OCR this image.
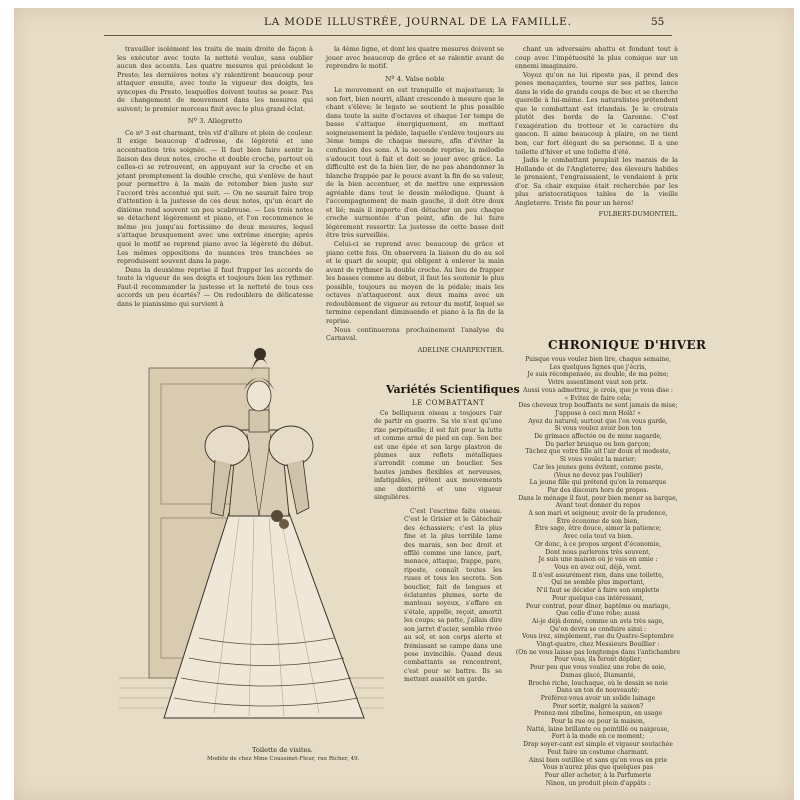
LA MODE ILLUSTRÉE, JOURNAL DE LA FAMILLE.	55

travailler isolément les traits de main droite de façon à les exécuter avec toute la netteté voulue, sans oublier aucun des accents. Les quatre mesures qui précèdent le Presto; les dernières notes s'y ralentiront beaucoup pour attaquer ensuite, avec toute la vigueur des doigts, les syncopes du Presto, lesquelles doivent toutes se poser. Pas de changement de mouvement dans les mesures qui suivent; le premier morceau finit avec le plus grand éclat.

Nº 3. Allegretto

Ce nº 3 est charmant, très vif d'allure et plein de couleur. Il exige beaucoup d'adresse, de légèreté et une accentuation très soignée. — Il faut bien faire sentir la liaison des deux notes, croche et double croche, partout où celles-ci se retrouvent, en appuyant sur la croche et en jetant promptement la double croche, qui s'enlève de haut pour permettre à la main de retomber bien juste sur l'accord très accentué qui suit. — On ne saurait faire trop d'attention à la justesse de ces deux notes, qu'un écart de dixième rend souvent un peu scabreuse. — Les trois notes se détachent légèrement et piano, et l'on recommence le même jeu jusqu'au fortissimo de deux mesures, lequel s'attaque brusquement avec une extrême énergie; après quoi le motif se reprend piano avec la légèreté du début. Les mêmes oppositions de nuances très tranchées se reproduisent souvent dans la page.

Dans la deuxième reprise il faut frapper les accords de toute la vigueur de ses doigts et toujours bien les rythmer. Faut-il recommander la justesse et la netteté de tous ces accords un peu écartés? — On redoublera de délicatesse dans le pianissimo qui survient à

la 4ème ligne, et dont les quatre mesures doivent se jouer avec beaucoup de grâce et se ralentir avant de reprendre le motif.

Nº 4. Valse noble

Le mouvement en est tranquille et majestueux; le son fort, bien nourri, allant crescendo à mesure que le chant s'élève; le legato se soutient le plus possible dans toute la suite d'octaves et chaque 1er temps de basse s'attaque énergiquement, en mettant soigneusement la pédale, laquelle s'enlève toujours au 3ème temps de chaque mesure, afin d'éviter la confusion des sons. A la seconde reprise, la mélodie s'adoucit tout à fait et doit se jouer avec grâce. La difficulté est de la bien lier, de ne pas abandonner la blanche frappée par le pouce avant la fin de sa valeur, de la bien accentuer, et de mettre une expression agréable dans tout le dessin mélodique. Quant à l'accompagnement de main gauche, il doit être doux et lié; mais il importe d'en détacher un peu chaque croche surmontée d'un point, afin de lui faire légèrement ressortir. La justesse de cette basse doit être très surveillée.

Celui-ci se reprend avec beaucoup de grâce et piano cette fois. On observera la liaison du do au sol et le quart de soupir, qui obligent à enlever la main avant de rythmer la double croche. Au lieu de frapper les basses comme au début, il faut les soutenir le plus possible, toujours au moyen de la pédale; mais les octaves n'attaqueront aux deux mains avec un redoublement de vigueur au retour du motif, lequel se termine cependant diminuendo et piano à la fin de la reprise.

Nous continuerons prochainement l'analyse du Carnaval.

ADELINE CHARPENTIER.

chant un adversaire abattu et fondant tout à coup avec l'impétuosité la plus comique sur un ennemi imaginaire.

Voyez qu'on ne lui riposte pas, il prend des poses menaçantes, tourne sur ses pattes, lance dans le vide de grands coups de bec et se cherche querelle à lui-même. Les naturalistes prétendent que le combattant est irlandais. Je le croirais plutôt des bords de la Garonne. C'est l'exagération du trotteur et le caractère du gascon. Il aime beaucoup à plaire, on ne tient bon, car fort élégant de sa personne. Il a une toilette d'hiver et une toilette d'été.

Jadis le combattant peuplait les marais de la Hollande et de l'Angleterre; des éleveurs habiles le prenaient, l'engraissaient, le vendaient à prix d'or. Sa chair exquise était recherchée par les plus aristocratiques tables de la vieille Angleterre. Triste fin pour un héros!

FULBERT-DUMONTEIL.

Variétés Scientifiques
LE COMBATTANT

Ce belliqueux oiseau a toujours l'air de partir en guerre. Sa vie n'est qu'une rixe perpétuelle; il est fait pour la lutte et comme armé de pied en cap. Son bec est une épée et son large plastron de plumes aux reflets métalliques s'arrondit comme un bouclier. Ses hautes jambes flexibles et nerveuses, infatigables, prêtent aux mouvements une dextérité et une vigueur singulières.

C'est l'escrime faite oiseau. C'est le Grisier et le Gâtechair des échassiers; c'est la plus fine et la plus terrible lame des marais, son bec droit et effilé comme une lance, part, menace, attaque, frappe, pare, riposte, connaît toutes les ruses et tous les secrets. Son bouclier, fait de longues et éclatantes plumes, sorte de manteau soyeux, s'effare en s'étale, appelle, reçoit, amortit les coups; sa patte, j'allais dire son jarret d'acier, semble rivée au sol, et son corps alerte et frémissant se campe dans une pose invincible. Quand deux combattants se rencontrent, c'est pour se battre. Ils se mettent aussitôt en garde.

CHRONIQUE D'HIVER
Puisque vous voulez bien lire, chaque semaine,
Les quelques lignes que j'écris,
Je suis récompensée, au double, de ma peine;
Votre assentiment vaut son prix.
Aussi vous admettrez, je crois, que je vous dise :
« Evitez de faire cela;
Des cheveux trop bouffants ne sont jamais de mise;
J'appose à ceci mon Holà! »
Ayez du naturel; surtout que l'on vous garde,
Si vous voulez avoir bon ton
De grimace affectée ou de mine nagarde,
Du parler brusque ou bon garçon;
Tâchez que votre fille ait l'air doux et modeste,
Si vous voulez la marier;
Car les jeunes gens évitent, comme peste,
(Vous ne devez pas l'oublier)
La jeune fille qui prétend qu'on la remarque
Par des discours hors de propos.
Dans le ménage il faut, pour bien mener sa barque,
Avant tout donner du repos
A son mari et seigneur, avoir de la prudence,
Être économe de son bien,
Être sage, être douce, aimer la patience;
Avec cela tout va bien.
Or donc, à ce propos urgent d'économie,
Dont nous parlerons très souvent,
Je suis une maison où je vais en amie :
Vous en avez ouï, déjà, vent.
Il n'est assurément rien, dans une toilette,
Qui ne semble plus important,
N'il faut se décider à faire son emplette
Pour quelque cas intéressant,
Pour contrat, pour dîner, baptême ou mariage,
Que celle d'une robe; aussi
Ai-je déjà donné, comme un avis très sage,
Qu'on devra se conduire ainsi :
Vous irez, simplement, rue du Quatre-Septembre
Vingt-quatre, chez Messieurs Bouillier :
(On ne vous laisse pas longtemps dans l'antichambre
Pour vous, ils feront déplier,
Pour peu que vous vouliez une robe de soie,
Damas glacé, Diamanté,
Broché riche, louchaque, où le dessin se noie
Dans un ton de nouveauté;
Préférez-vous avoir un solide lainage
Pour sortir, malgré la saison?
Prenez-moi zibeline, homespun, en usage
Pour la rue ou pour la maison,
Natté, laine brillante ou pointillé ou naigeuse,
Fort à la mode en ce moment;
Drap soyer-cant est simple et vigueur soutachée
Peut faire un costume charmant.
Ainsi bien outillée et sans qu'on vous en prie
Vous n'aurez plus que quelques pas
Pour aller acheter, à la Parfumerie
Ninon, un produit plein d'appâts :
Toilette de visites.
Modèle de chez Mme Coussinet-Fleur, rue Richer, 49.
